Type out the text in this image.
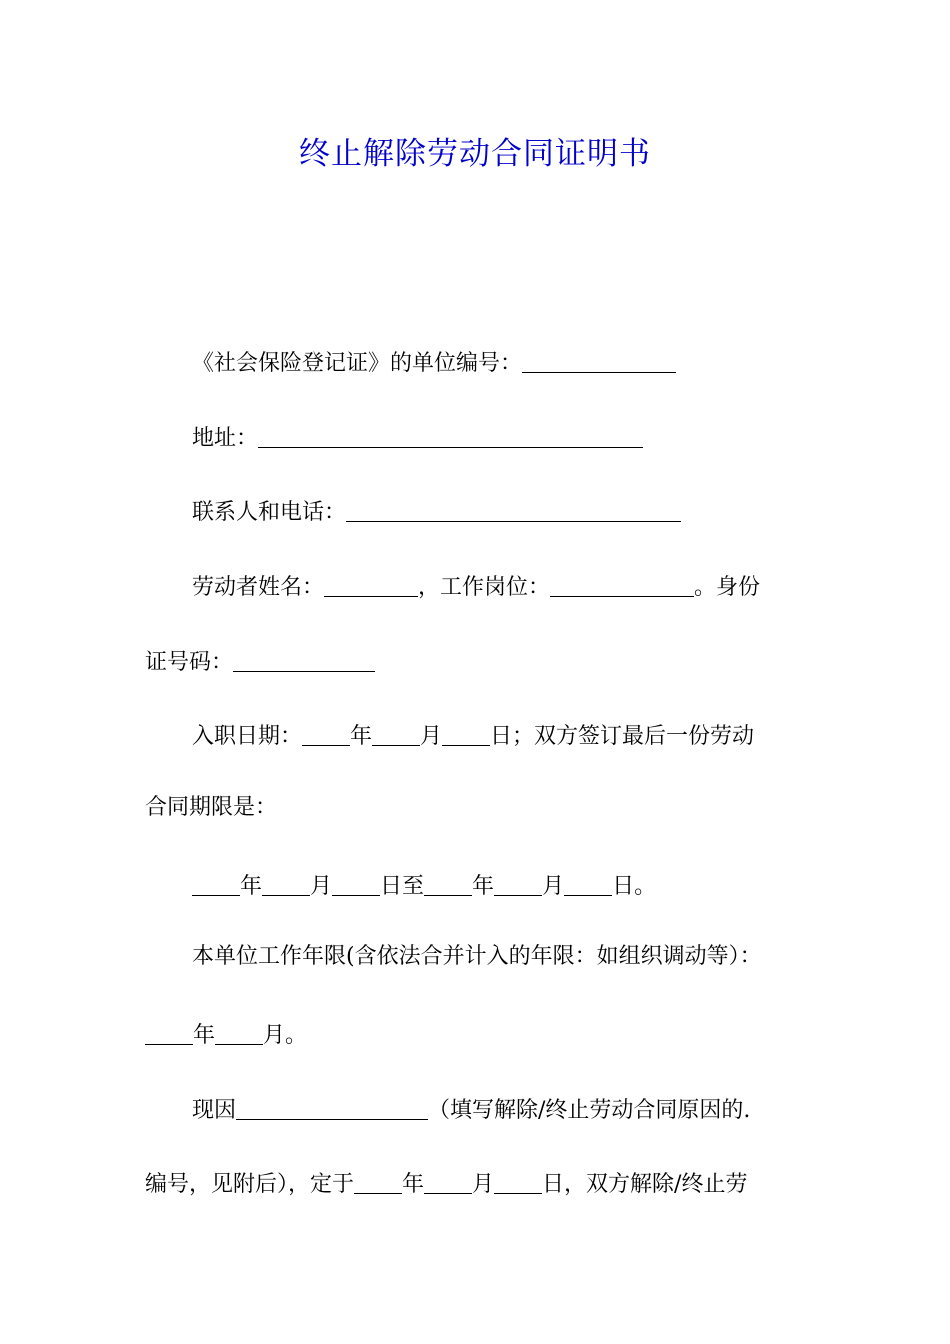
终止解除劳动合同证明书
《社会保险登记证》的单位编号：
地址：
联系人和电话：
劳动者姓名：	，工作岗位：	。身份
证号码：
入职日期： 年 月 日；双方签订最后一份劳动
合同期限是：
年 月 日至 年 月 日。
本单位工作年限(含依法合并计入的年限：如组织调动等）：
年 月。
现因	（填写解除/终止劳动合同原因的.
编号，见附后），定于 年 月 日，双方解除/终止劳
